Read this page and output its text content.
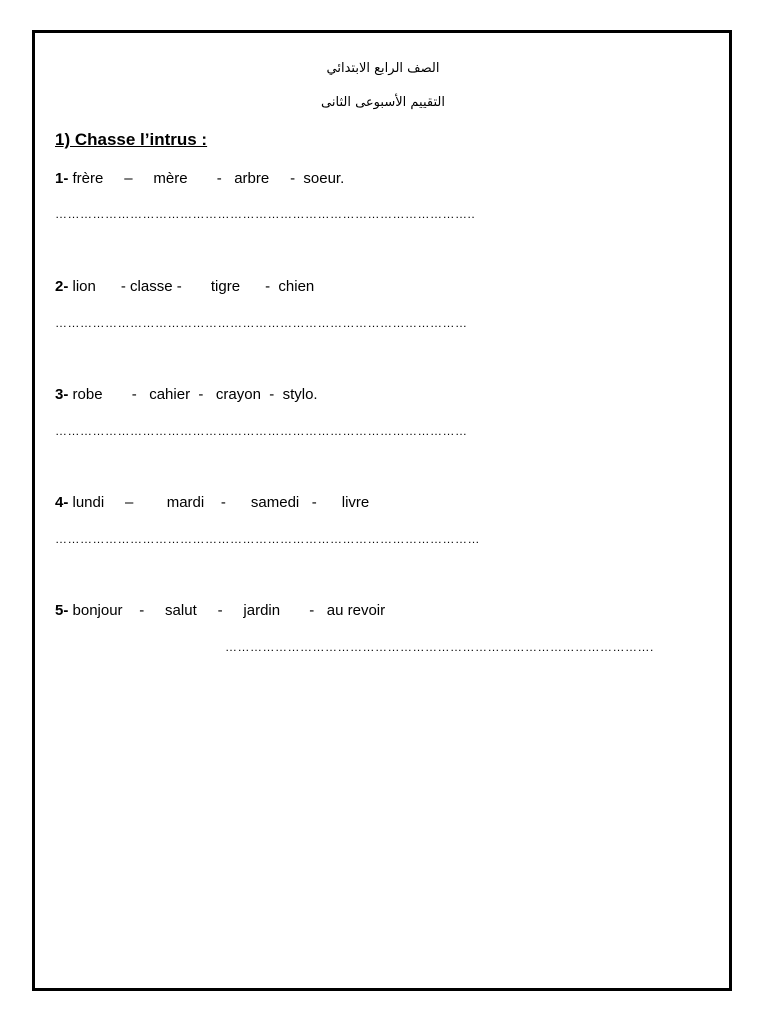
الصف الرابع الابتدائي
التقييم الأسبوعى الثانى
1) Chasse l’intrus :
1- frère     –     mère       -   arbre     -  soeur.
………………………………………………………………………………………..
2- lion      - classe -       tigre      -  chien
………………………………………………………………………………………
3- robe       -   cahier  -   crayon  -  stylo.
………………………………………………………………………………………
4- lundi     –        mardi    -      samedi   -      livre
…………………………………………………………………………………………
5- bonjour    -     salut     -     jardin       -   au revoir
………………………………………………………………………………………….
